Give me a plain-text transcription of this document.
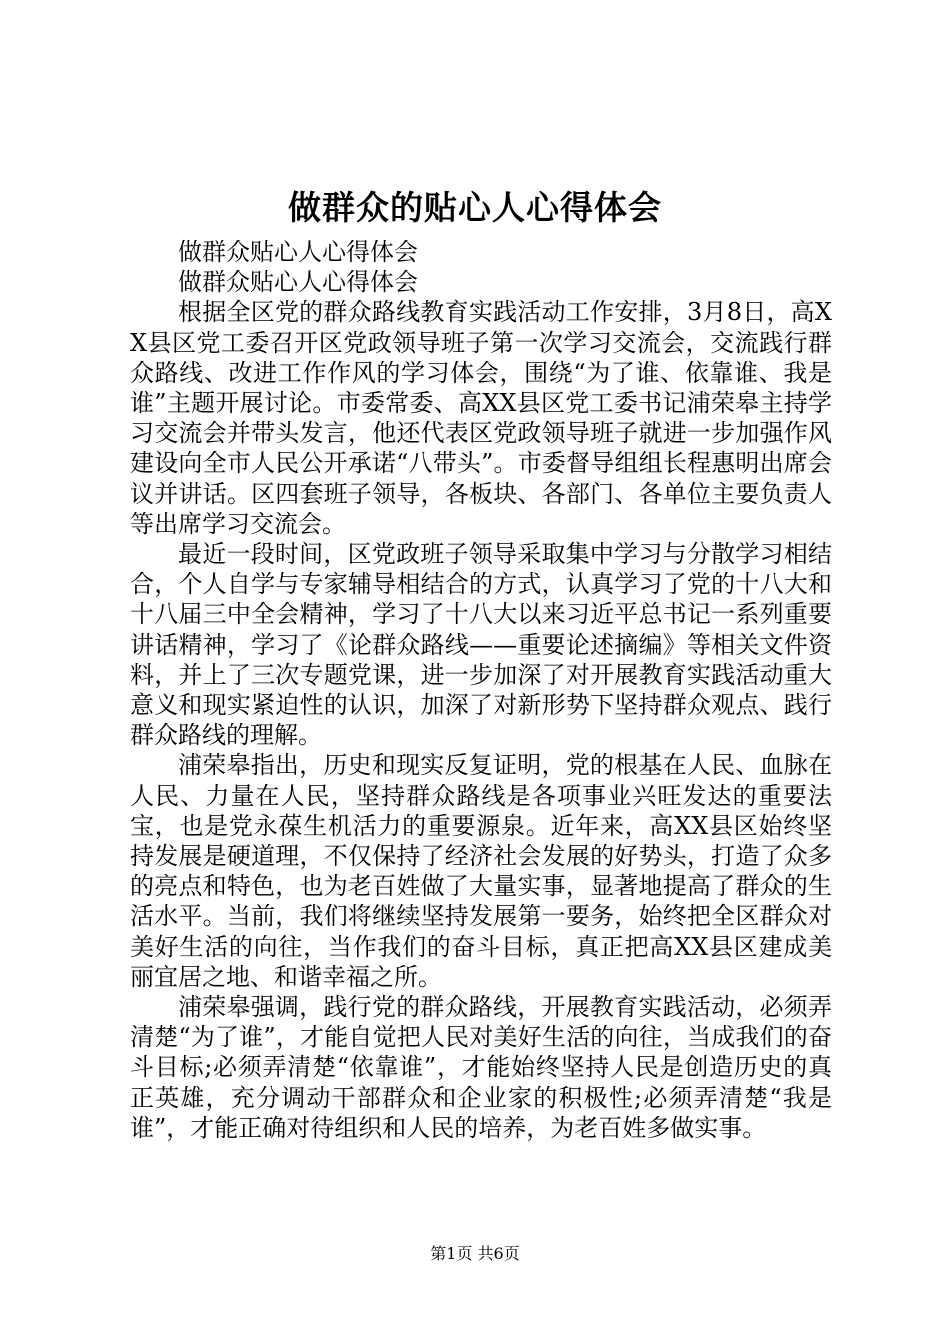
做群众的贴心人心得体会

做群众贴心人心得体会

做群众贴心人心得体会

根据全区党的群众路线教育实践活动工作安排，3月8日，高XX县区党工委召开区党政领导班子第一次学习交流会，交流践行群众路线、改进工作作风的学习体会，围绕“为了谁、依靠谁、我是谁”主题开展讨论。市委常委、高XX县区党工委书记浦荣皋主持学习交流会并带头发言，他还代表区党政领导班子就进一步加强作风建设向全市人民公开承诺“八带头”。市委督导组组长程惠明出席会议并讲话。区四套班子领导，各板块、各部门、各单位主要负责人等出席学习交流会。

最近一段时间，区党政班子领导采取集中学习与分散学习相结合，个人自学与专家辅导相结合的方式，认真学习了党的十八大和十八届三中全会精神，学习了十八大以来习近平总书记一系列重要讲话精神，学习了《论群众路线——重要论述摘编》等相关文件资料，并上了三次专题党课，进一步加深了对开展教育实践活动重大意义和现实紧迫性的认识，加深了对新形势下坚持群众观点、践行群众路线的理解。

浦荣皋指出，历史和现实反复证明，党的根基在人民、血脉在人民、力量在人民，坚持群众路线是各项事业兴旺发达的重要法宝，也是党永葆生机活力的重要源泉。近年来，高XX县区始终坚持发展是硬道理，不仅保持了经济社会发展的好势头，打造了众多的亮点和特色，也为老百姓做了大量实事，显著地提高了群众的生活水平。当前，我们将继续坚持发展第一要务，始终把全区群众对美好生活的向往，当作我们的奋斗目标，真正把高XX县区建成美丽宜居之地、和谐幸福之所。

浦荣皋强调，践行党的群众路线，开展教育实践活动，必须弄清楚“为了谁”，才能自觉把人民对美好生活的向往，当成我们的奋斗目标;必须弄清楚“依靠谁”，才能始终坚持人民是创造历史的真正英雄，充分调动干部群众和企业家的积极性;必须弄清楚“我是谁”，才能正确对待组织和人民的培养，为老百姓多做实事。

第1页 共6页
